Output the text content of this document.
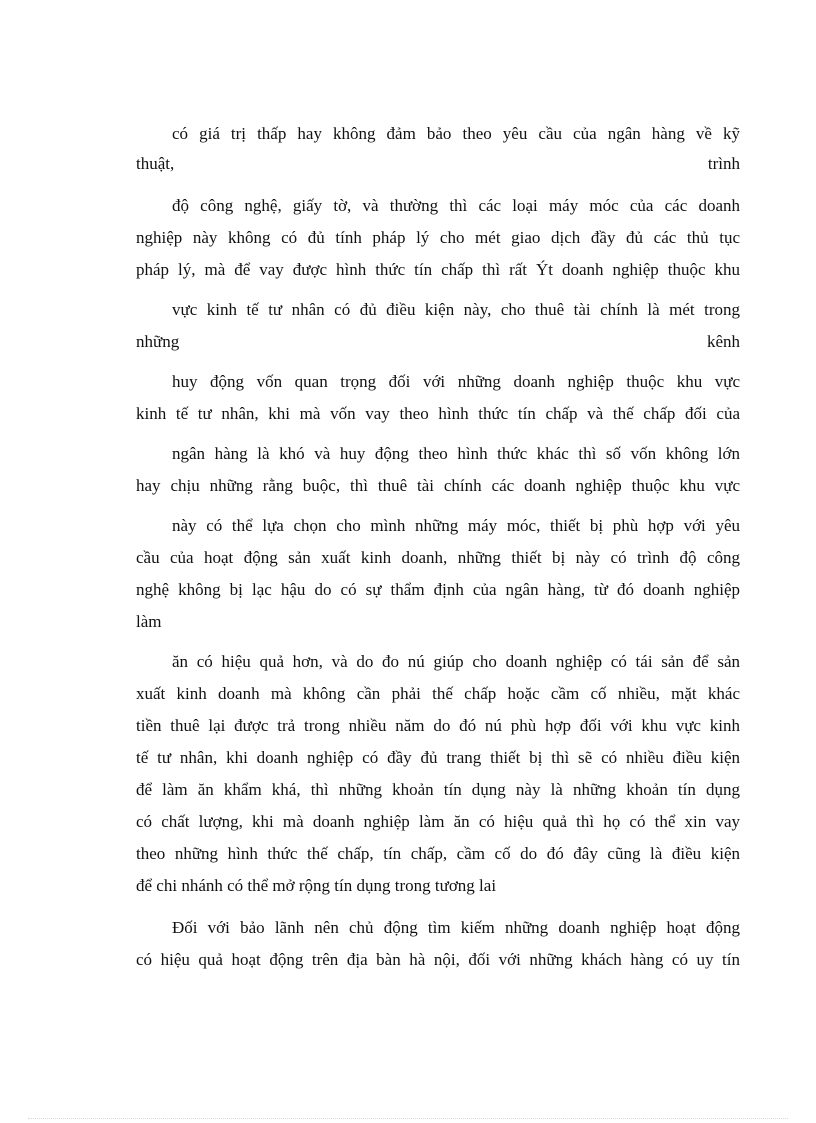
có giá trị thấp hay không đảm bảo theo yêu cầu của ngân hàng về kỹ
thuật, trình
độ công nghệ, giấy tờ, và thường thì các loại máy móc của các doanh
nghiệp này không có đủ tính pháp lý cho mét giao dịch đầy đủ các thủ tục
pháp lý, mà để vay được hình thức tín chấp thì rất Ýt doanh nghiệp thuộc khu
vực kinh tế tư nhân có đủ điều kiện này, cho thuê tài chính là mét trong
những kênh
huy động vốn quan trọng đối với những doanh nghiệp thuộc khu vực
kinh tế tư nhân, khi mà vốn vay theo hình thức tín chấp và thế chấp đối của
ngân hàng là khó và huy động theo hình thức khác thì số vốn không lớn
hay chịu những rằng buộc, thì thuê tài chính các doanh nghiệp thuộc khu vực
này có thể lựa chọn cho mình những máy móc, thiết bị phù hợp với yêu
cầu của hoạt động sản xuất kinh doanh, những thiết bị này có trình độ công
nghệ không bị lạc hậu do có sự thẩm định của ngân hàng, từ đó doanh nghiệp
làm
ăn có hiệu quả hơn, và do đo nú giúp cho doanh nghiệp có tái sản để sản
xuất kinh doanh mà không cần phải thế chấp hoặc cầm cố nhiều, mặt khác
tiền thuê lại được trả trong nhiều năm do đó nú phù hợp đối với khu vực kinh
tế tư nhân, khi doanh nghiệp có đầy đủ trang thiết bị thì sẽ có nhiều điều kiện
để làm ăn khẩm khá, thì những khoản tín dụng này là những khoản tín dụng
có chất lượng, khi mà doanh nghiệp làm ăn có hiệu quả thì họ có thể xin vay
theo những hình thức thế chấp, tín chấp, cầm cố do đó đây cũng là điều kiện
để chi nhánh có thể mở rộng tín dụng trong tương lai
Đối với bảo lãnh nên chủ động tìm kiếm những doanh nghiệp hoạt động
có hiệu quả hoạt động trên địa bàn hà nội, đối với những khách hàng có uy tín
